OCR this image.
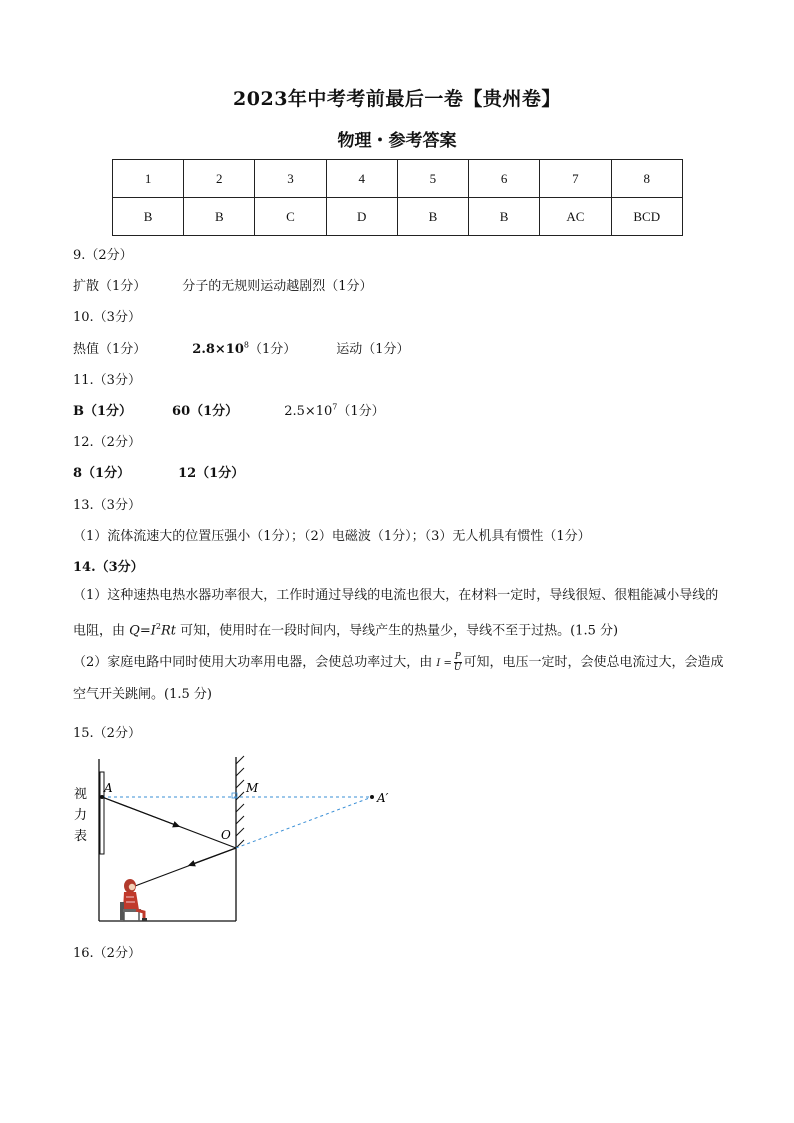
2023年中考考前最后一卷【贵州卷】
物理・参考答案
1	2	3	4	5	6	7	8
B	B	C	D	B	B	AC	BCD
9.（2分）
扩散（1分）	分子的无规则运动越剧烈（1分）
10.（3分）
热值（1分）	$2.8\times 10^8(1$分）	运动（1分）
11.（3分）
B（1分）	60（1分）	$2.5\times 10^7(1$分）
12.（2分）
8（1分）	12（1分）
13.（3分）
（1）流体流速大的位置压强小（1分）；（2）电磁波（1分）；（3）无人机具有惯性（1分）
14.（3分）
（1）这种速热电热水器功率很大，工作时通过导线的电流也很大，在材料一定时，导线很短、很粗能减小导线的电阻，由 $Q=I^2Rt$ 可知，使用时在一段时间内，导线产生的热量少，导线不至于过热。(1.5 分)
（2）家庭电路中同时使用大功率用电器，会使总功率过大，由 $I = \frac{P}{U}$ 可知，电压一定时，会使总电流过大，会造成空气开关跳闸。(1.5 分)
15.（2分）
视
力
表
A	M
O
A′
16.（2分）
